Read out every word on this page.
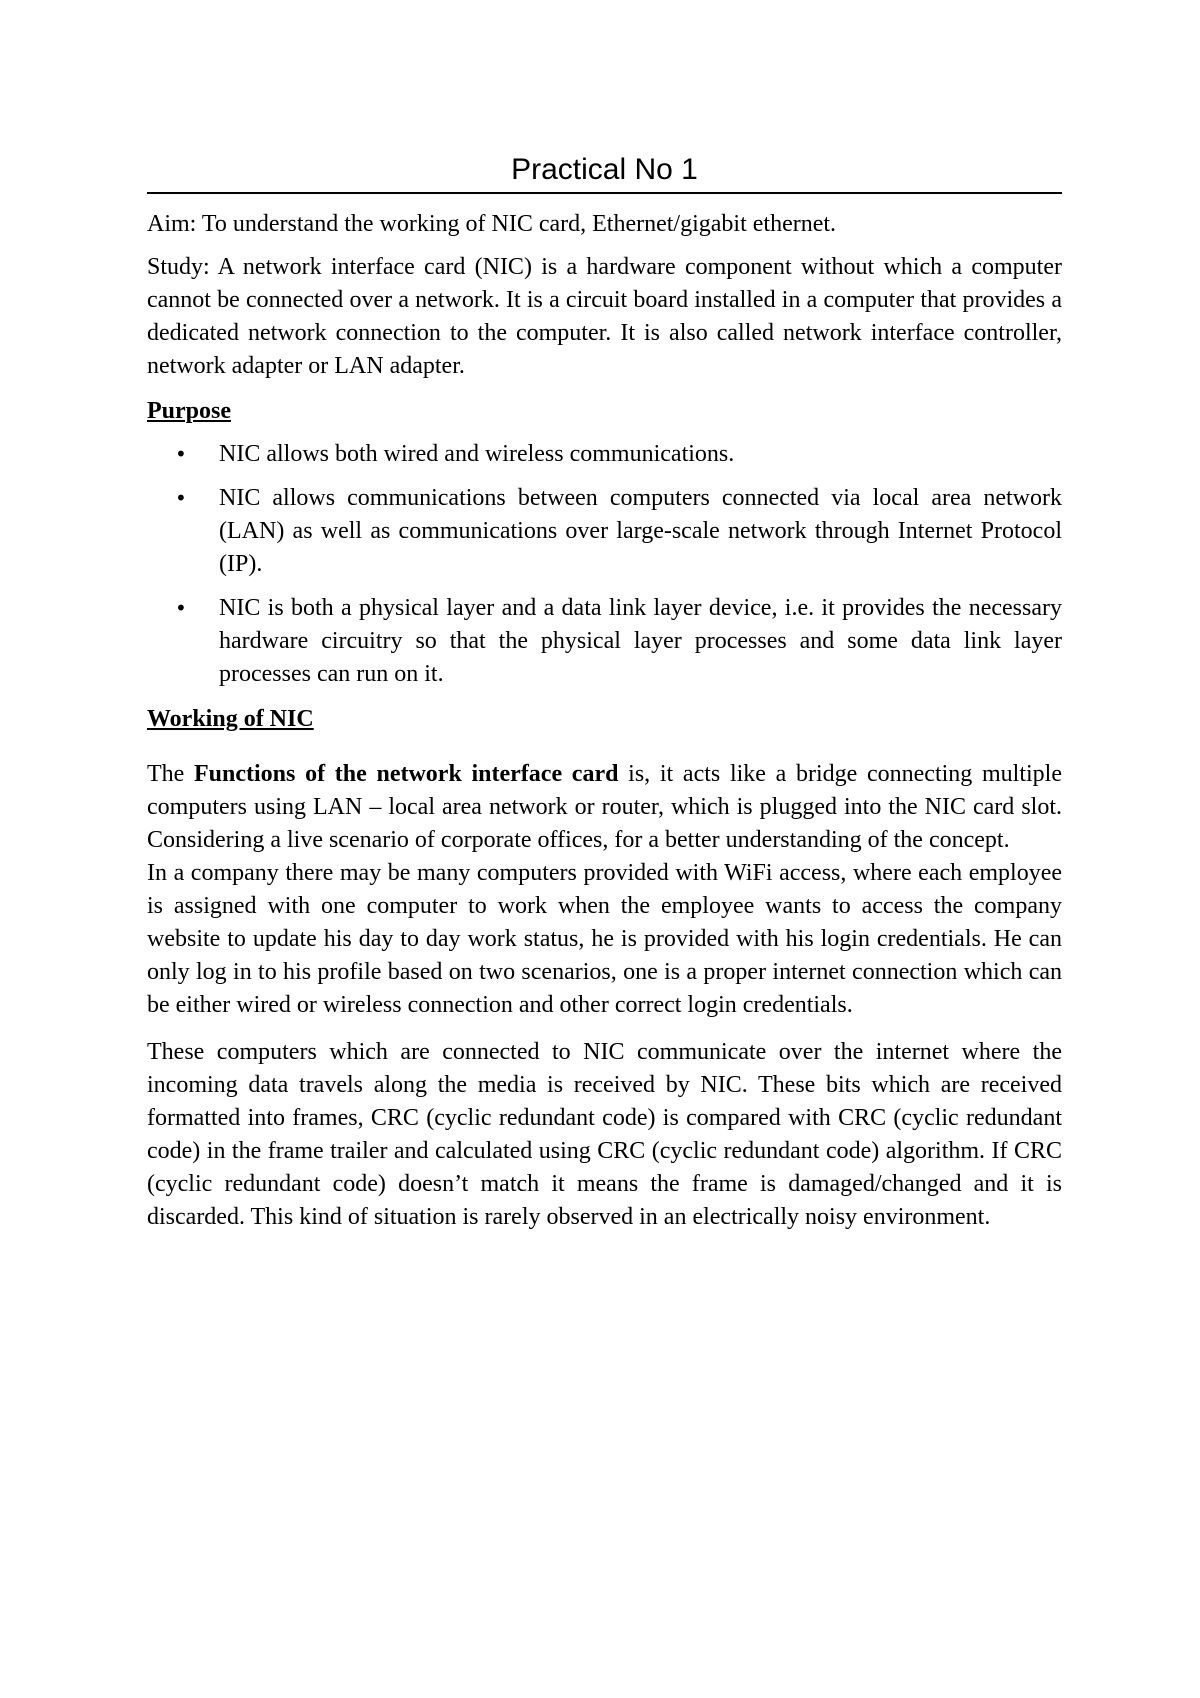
Practical No 1

Aim: To understand the working of NIC card, Ethernet/gigabit ethernet.

Study: A network interface card (NIC) is a hardware component without which a computer cannot be connected over a network. It is a circuit board installed in a computer that provides a dedicated network connection to the computer. It is also called network interface controller, network adapter or LAN adapter.

Purpose
• NIC allows both wired and wireless communications.
• NIC allows communications between computers connected via local area network (LAN) as well as communications over large-scale network through Internet Protocol (IP).
• NIC is both a physical layer and a data link layer device, i.e. it provides the necessary hardware circuitry so that the physical layer processes and some data link layer processes can run on it.
Working of NIC

The Functions of the network interface card is, it acts like a bridge connecting multiple computers using LAN – local area network or router, which is plugged into the NIC card slot. Considering a live scenario of corporate offices, for a better understanding of the concept.

In a company there may be many computers provided with WiFi access, where each employee is assigned with one computer to work when the employee wants to access the company website to update his day to day work status, he is provided with his login credentials. He can only log in to his profile based on two scenarios, one is a proper internet connection which can be either wired or wireless connection and other correct login credentials.

These computers which are connected to NIC communicate over the internet where the incoming data travels along the media is received by NIC. These bits which are received formatted into frames, CRC (cyclic redundant code) is compared with CRC (cyclic redundant code) in the frame trailer and calculated using CRC (cyclic redundant code) algorithm. If CRC (cyclic redundant code) doesn’t match it means the frame is damaged/changed and it is discarded. This kind of situation is rarely observed in an electrically noisy environment.
